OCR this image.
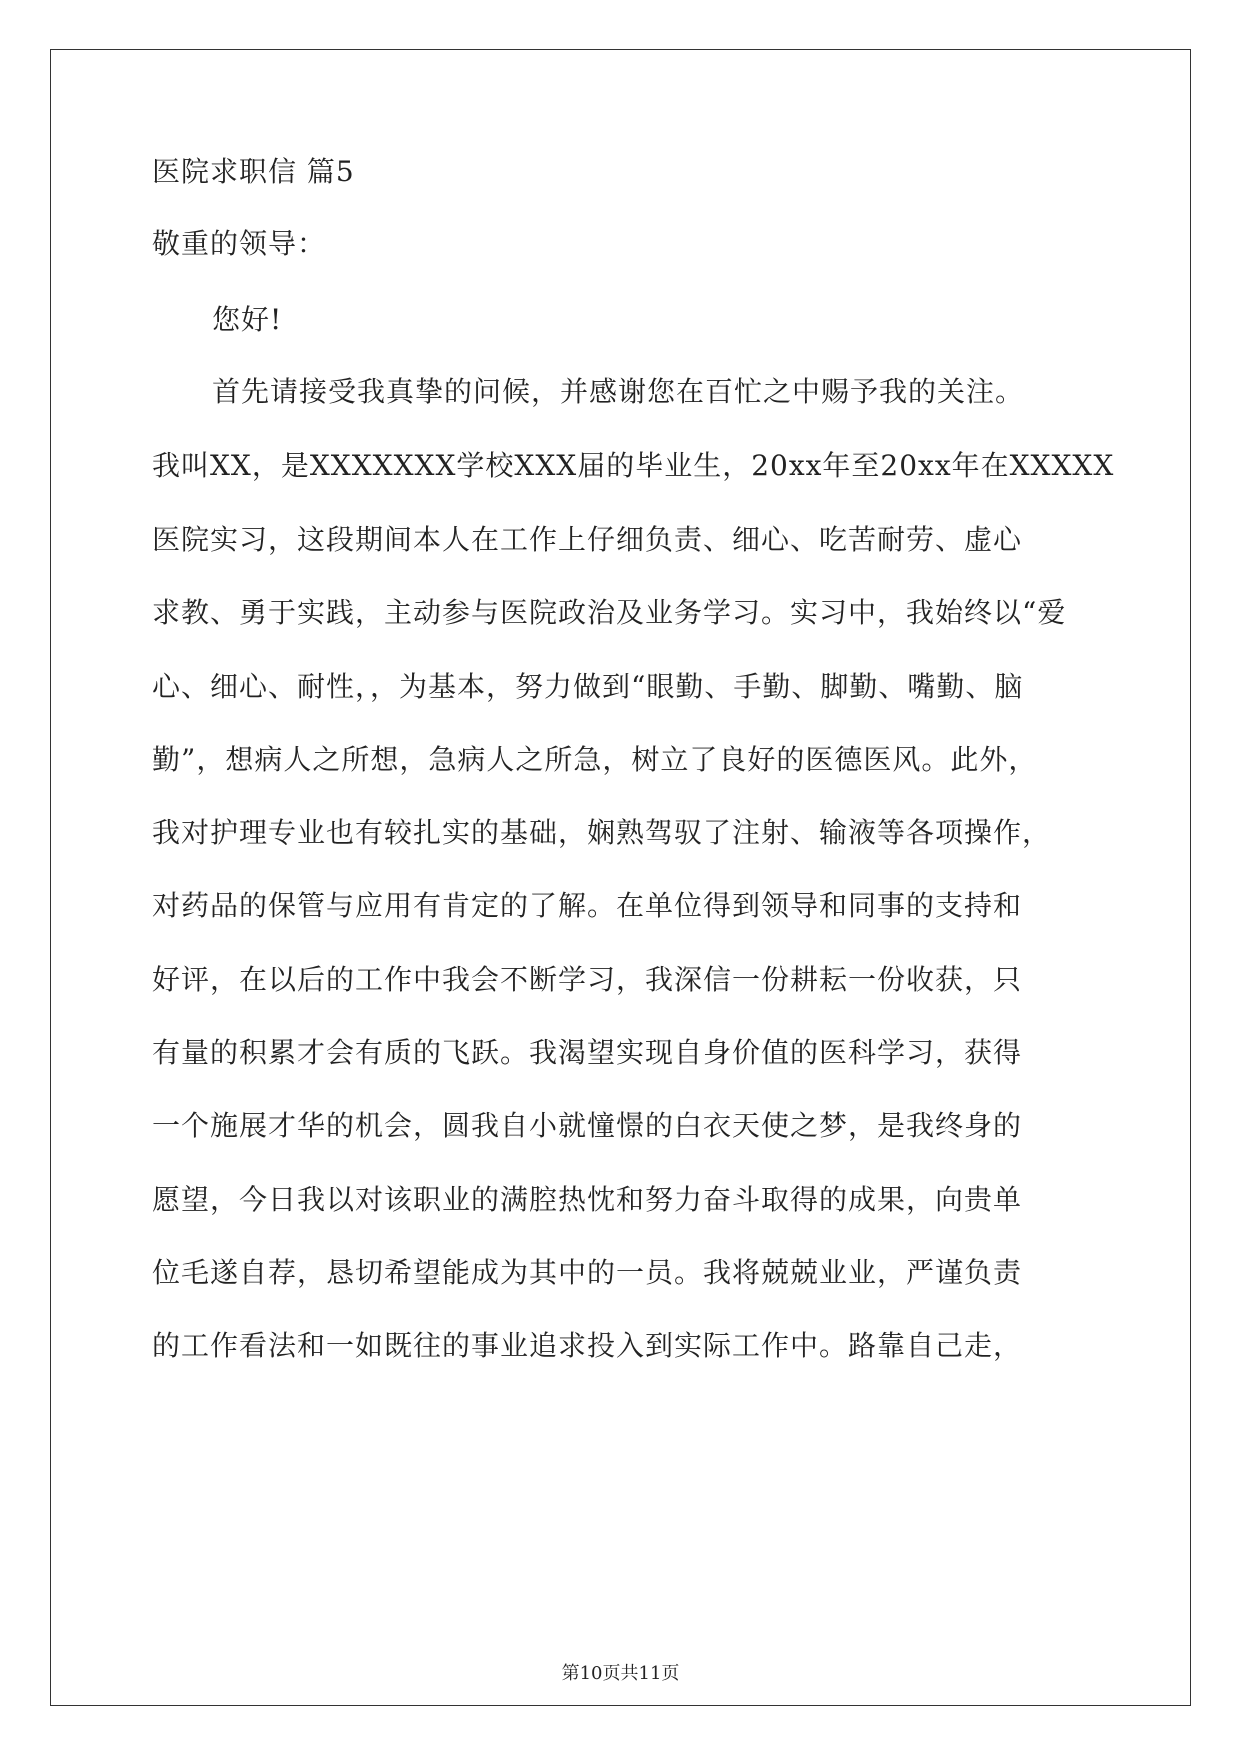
医院求职信 篇5
敬重的领导：
您好!
首先请接受我真挚的问候，并感谢您在百忙之中赐予我的关注。
我叫XX，是XXXXXXX学校XXX届的毕业生，20xx年至20xx年在XXXXX
医院实习，这段期间本人在工作上仔细负责、细心、吃苦耐劳、虚心
求教、勇于实践，主动参与医院政治及业务学习。实习中，我始终以“爱
心、细心、耐性，，为基本，努力做到“眼勤、手勤、脚勤、嘴勤、脑
勤”，想病人之所想，急病人之所急，树立了良好的医德医风。此外，
我对护理专业也有较扎实的基础，娴熟驾驭了注射、输液等各项操作，
对药品的保管与应用有肯定的了解。在单位得到领导和同事的支持和
好评，在以后的工作中我会不断学习，我深信一份耕耘一份收获，只
有量的积累才会有质的飞跃。我渴望实现自身价值的医科学习，获得
一个施展才华的机会，圆我自小就憧憬的白衣天使之梦，是我终身的
愿望，今日我以对该职业的满腔热忱和努力奋斗取得的成果，向贵单
位毛遂自荐，恳切希望能成为其中的一员。我将兢兢业业，严谨负责
的工作看法和一如既往的事业追求投入到实际工作中。路靠自己走，
第10页共11页
